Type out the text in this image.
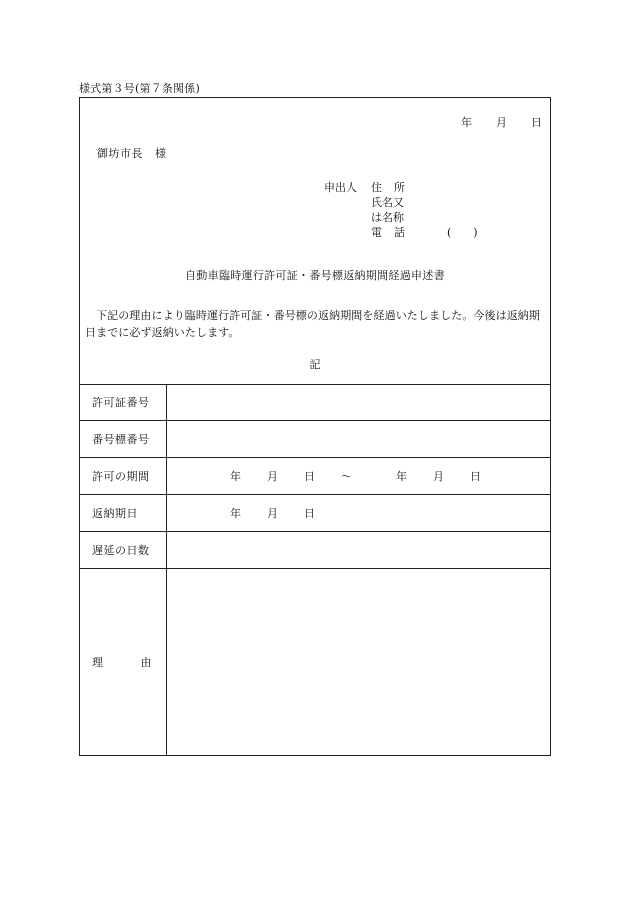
様式第３号(第７条関係)
年 月 日
御坊市長 様
申出人 住 所
氏名又
は名称
電 話	(　　)
自動車臨時運行許可証・番号標返納期間経過申述書
下記の理由により臨時運行許可証・番号標の返納期間を経過いたしました。今後は返納期日までに必ず返納いたします。
記
許可証番号
番号標番号
許可の期間	年 月 日 ～	年 月 日
返納期日	年 月 日
遅延の日数
理	由
